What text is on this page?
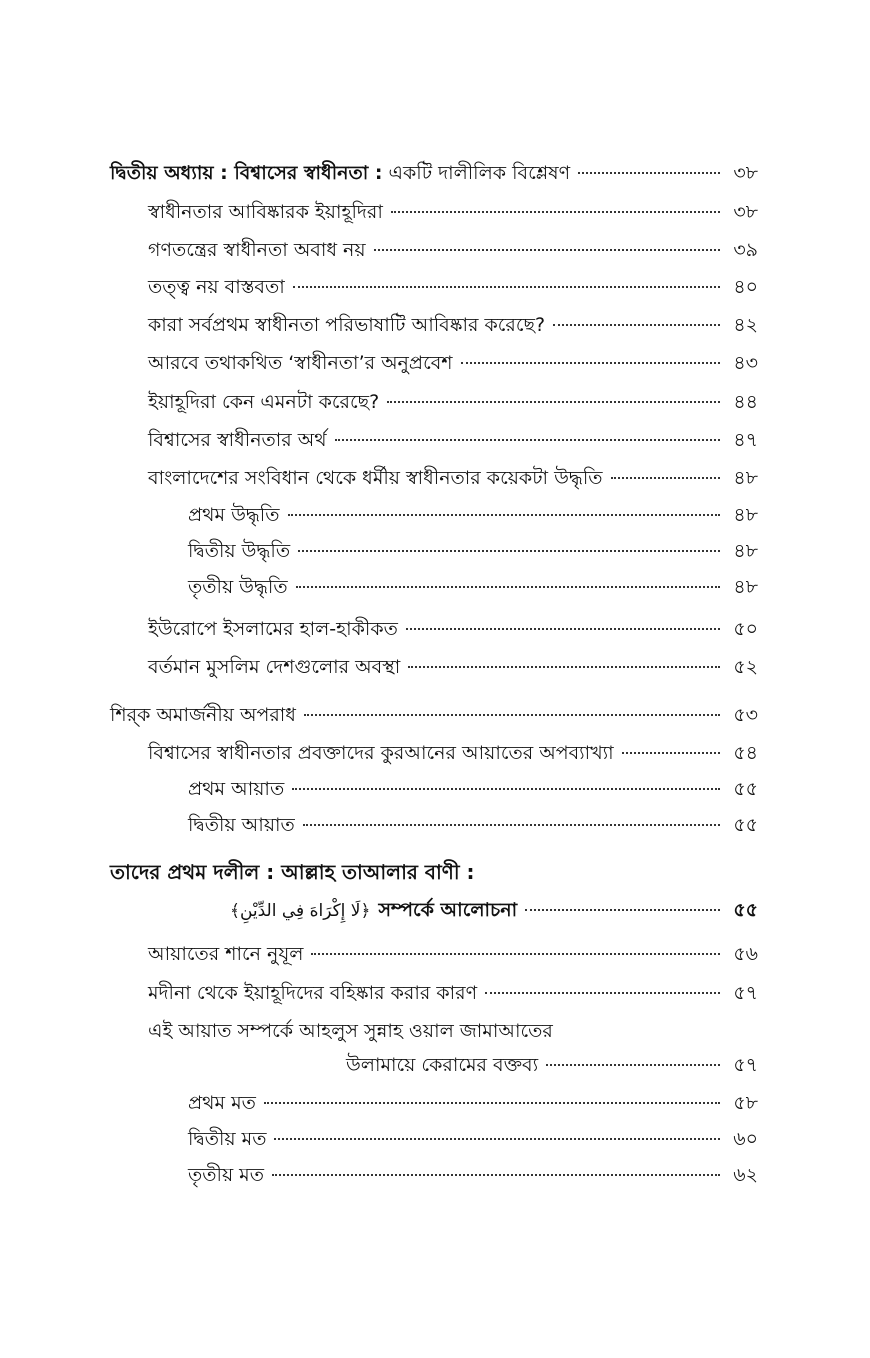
দ্বিতীয় অধ্যায় : বিশ্বাসের স্বাধীনতা : একটি দালীলিক বিশ্লেষণ	৩৮
স্বাধীনতার আবিষ্কারক ইয়াহূদিরা	৩৮
গণতন্ত্রের স্বাধীনতা অবাধ নয়	৩৯
তত্ত্ব নয় বাস্তবতা	৪০
কারা সর্বপ্রথম স্বাধীনতা পরিভাষাটি আবিষ্কার করেছে?	৪২
আরবে তথাকথিত ‘স্বাধীনতা’র অনুপ্রবেশ	৪৩
ইয়াহূদিরা কেন এমনটা করেছে?	৪৪
বিশ্বাসের স্বাধীনতার অর্থ	৪৭
বাংলাদেশের সংবিধান থেকে ধর্মীয় স্বাধীনতার কয়েকটা উদ্ধৃতি	৪৮
প্রথম উদ্ধৃতি	৪৮
দ্বিতীয় উদ্ধৃতি	৪৮
তৃতীয় উদ্ধৃতি	৪৮
ইউরোপে ইসলামের হাল-হাকীকত	৫০
বর্তমান মুসলিম দেশগুলোর অবস্থা	৫২
শির্‌ক অমার্জনীয় অপরাধ	৫৩
বিশ্বাসের স্বাধীনতার প্রবক্তাদের কুরআনের আয়াতের অপব্যাখ্যা	৫৪
প্রথম আয়াত	৫৫
দ্বিতীয় আয়াত	৫৫
তাদের প্রথম দলীল : আল্লাহ তাআলার বাণী :
﴿لَا إِكْرَاهَ فِي الدِّيْنِ﴾ সম্পর্কে আলোচনা	৫৫
আয়াতের শানে নুযূল	৫৬
মদীনা থেকে ইয়াহূদিদের বহিষ্কার করার কারণ	৫৭
এই আয়াত সম্পর্কে আহলুস সুন্নাহ ওয়াল জামাআতের
উলামায়ে কেরামের বক্তব্য	৫৭
প্রথম মত	৫৮
দ্বিতীয় মত	৬০
তৃতীয় মত	৬২
